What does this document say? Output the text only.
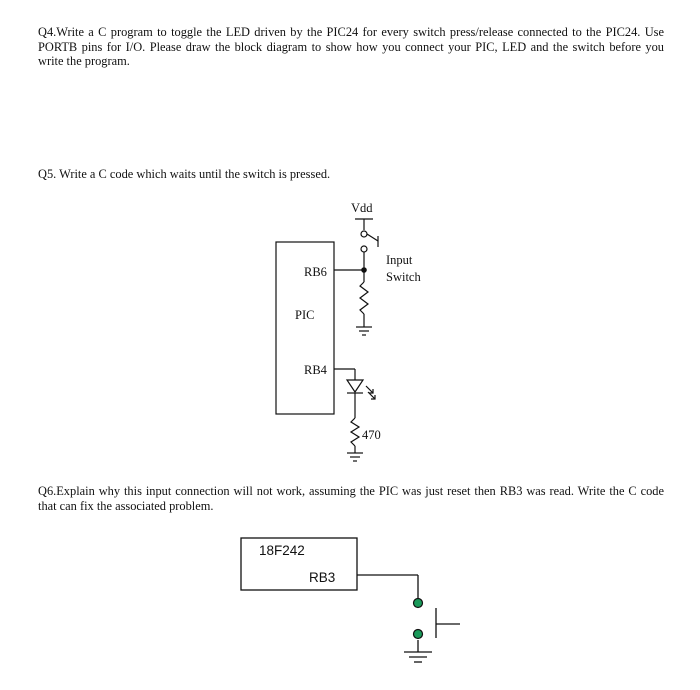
Q4.Write a C program to toggle the LED driven by the PIC24 for every switch press/release connected to the PIC24. Use PORTB pins for I/O. Please draw the block diagram to show how you connect your PIC, LED and the switch before you write the program.

Q5. Write a C code which waits until the switch is pressed.

Q6.Explain why this input connection will not work, assuming the PIC was just reset then RB3 was read. Write the C code that can fix the associated problem.

Vdd
RB6
PIC
RB4
Input
Switch
470
18F242
RB3
